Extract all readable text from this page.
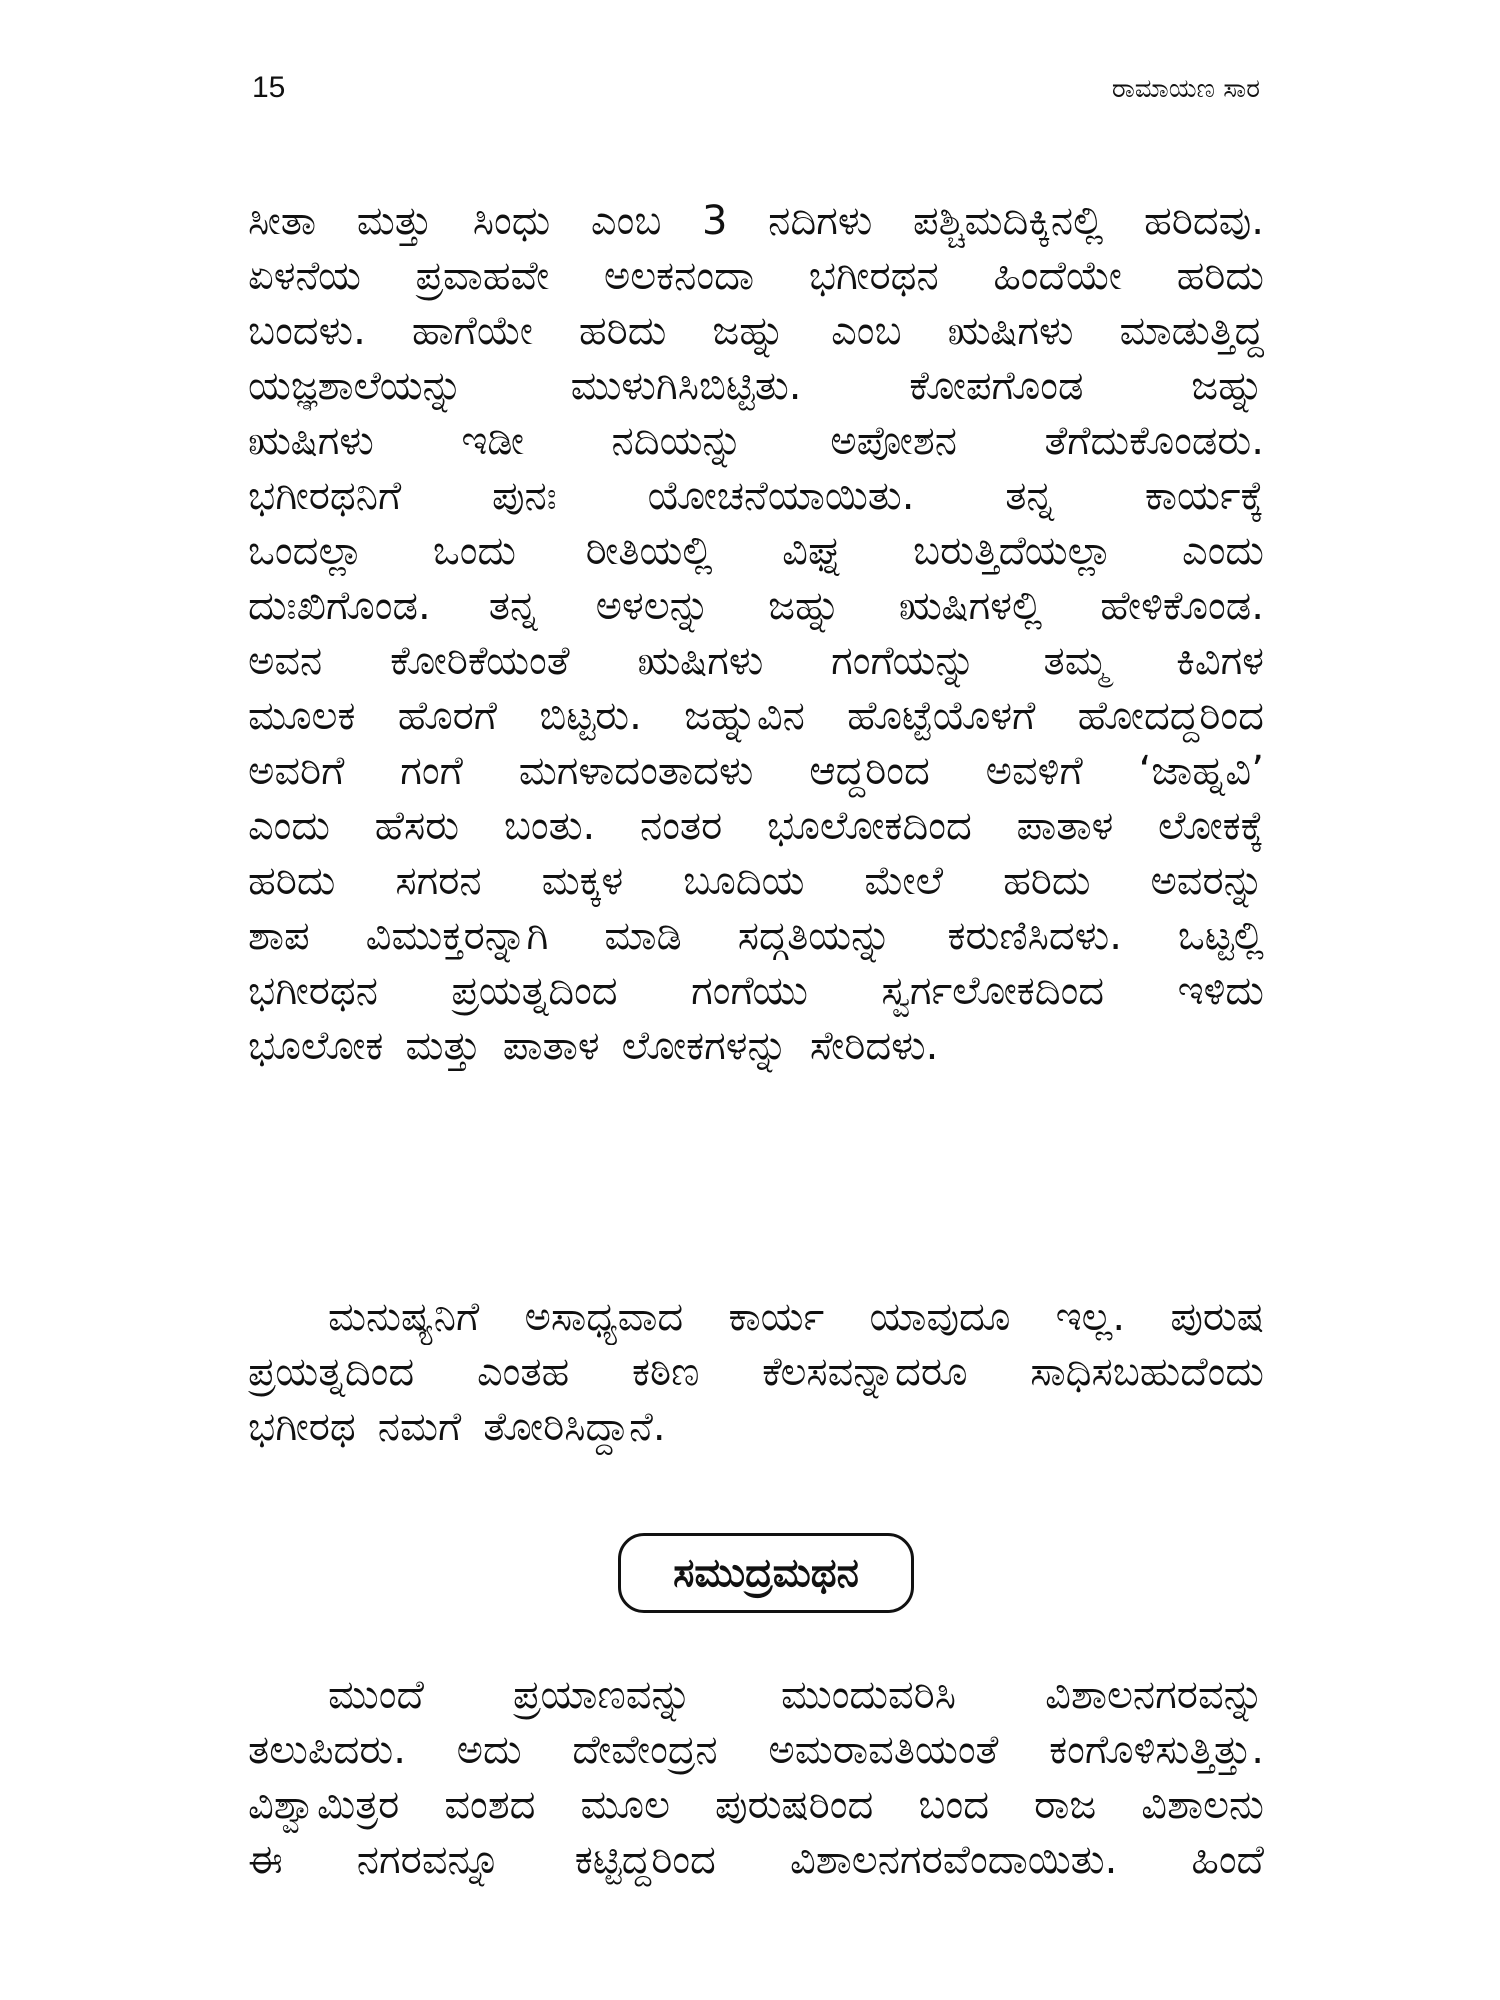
15	ರಾಮಾಯಣ ಸಾರ
ಸೀತಾ ಮತ್ತು ಸಿಂಧು ಎಂಬ 3 ನದಿಗಳು ಪಶ್ಚಿಮದಿಕ್ಕಿನಲ್ಲಿ ಹರಿದವು.
ಏಳನೆಯ ಪ್ರವಾಹವೇ ಅಲಕನಂದಾ ಭಗೀರಥನ ಹಿಂದೆಯೇ ಹರಿದು
ಬಂದಳು. ಹಾಗೆಯೇ ಹರಿದು ಜಹ್ನು ಎಂಬ ಋಷಿಗಳು ಮಾಡುತ್ತಿದ್ದ
ಯಜ್ಞಶಾಲೆಯನ್ನು	ಮುಳುಗಿಸಿಬಿಟ್ಟಿತು.	ಕೋಪಗೊಂಡ	ಜಹ್ನು
ಋಷಿಗಳು ಇಡೀ ನದಿಯನ್ನು ಅಪೋಶನ ತೆಗೆದುಕೊಂಡರು.
ಭಗೀರಥನಿಗೆ ಪುನಃ ಯೋಚನೆಯಾಯಿತು. ತನ್ನ ಕಾರ್ಯಕ್ಕೆ
ಒಂದಲ್ಲಾ ಒಂದು ರೀತಿಯಲ್ಲಿ ವಿಘ್ನ ಬರುತ್ತಿದೆಯಲ್ಲಾ ಎಂದು
ದುಃಖಿಗೊಂಡ. ತನ್ನ ಅಳಲನ್ನು ಜಹ್ನು ಋಷಿಗಳಲ್ಲಿ ಹೇಳಿಕೊಂಡ.
ಅವನ ಕೋರಿಕೆಯಂತೆ ಋಷಿಗಳು ಗಂಗೆಯನ್ನು ತಮ್ಮ ಕಿವಿಗಳ
ಮೂಲಕ ಹೊರಗೆ ಬಿಟ್ಟರು. ಜಹ್ನುವಿನ ಹೊಟ್ಟೆಯೊಳಗೆ ಹೋದದ್ದರಿಂದ
ಅವರಿಗೆ ಗಂಗೆ ಮಗಳಾದಂತಾದಳು ಆದ್ದರಿಂದ ಅವಳಿಗೆ ‘ಜಾಹ್ನವಿ’
ಎಂದು ಹೆಸರು ಬಂತು. ನಂತರ ಭೂಲೋಕದಿಂದ ಪಾತಾಳ ಲೋಕಕ್ಕೆ
ಹರಿದು ಸಗರನ ಮಕ್ಕಳ ಬೂದಿಯ ಮೇಲೆ ಹರಿದು ಅವರನ್ನು
ಶಾಪ ವಿಮುಕ್ತರನ್ನಾಗಿ ಮಾಡಿ ಸದ್ಗತಿಯನ್ನು ಕರುಣಿಸಿದಳು. ಒಟ್ಟಲ್ಲಿ
ಭಗೀರಥನ ಪ್ರಯತ್ನದಿಂದ ಗಂಗೆಯು ಸ್ವರ್ಗಲೋಕದಿಂದ ಇಳಿದು
ಭೂಲೋಕ ಮತ್ತು ಪಾತಾಳ ಲೋಕಗಳನ್ನು ಸೇರಿದಳು.
ಮನುಷ್ಯನಿಗೆ ಅಸಾಧ್ಯವಾದ ಕಾರ್ಯ ಯಾವುದೂ ಇಲ್ಲ. ಪುರುಷ
ಪ್ರಯತ್ನದಿಂದ ಎಂತಹ ಕಠಿಣ ಕೆಲಸವನ್ನಾದರೂ ಸಾಧಿಸಬಹುದೆಂದು
ಭಗೀರಥ ನಮಗೆ ತೋರಿಸಿದ್ದಾನೆ.
ಸಮುದ್ರಮಥನ
ಮುಂದೆ ಪ್ರಯಾಣವನ್ನು ಮುಂದುವರಿಸಿ ವಿಶಾಲನಗರವನ್ನು
ತಲುಪಿದರು. ಅದು ದೇವೇಂದ್ರನ ಅಮರಾವತಿಯಂತೆ ಕಂಗೊಳಿಸುತ್ತಿತ್ತು.
ವಿಶ್ವಾಮಿತ್ರರ ವಂಶದ ಮೂಲ ಪುರುಷರಿಂದ ಬಂದ ರಾಜ ವಿಶಾಲನು
ಈ ನಗರವನ್ನೂ ಕಟ್ಟಿದ್ದರಿಂದ ವಿಶಾಲನಗರವೆಂದಾಯಿತು. ಹಿಂದೆ
